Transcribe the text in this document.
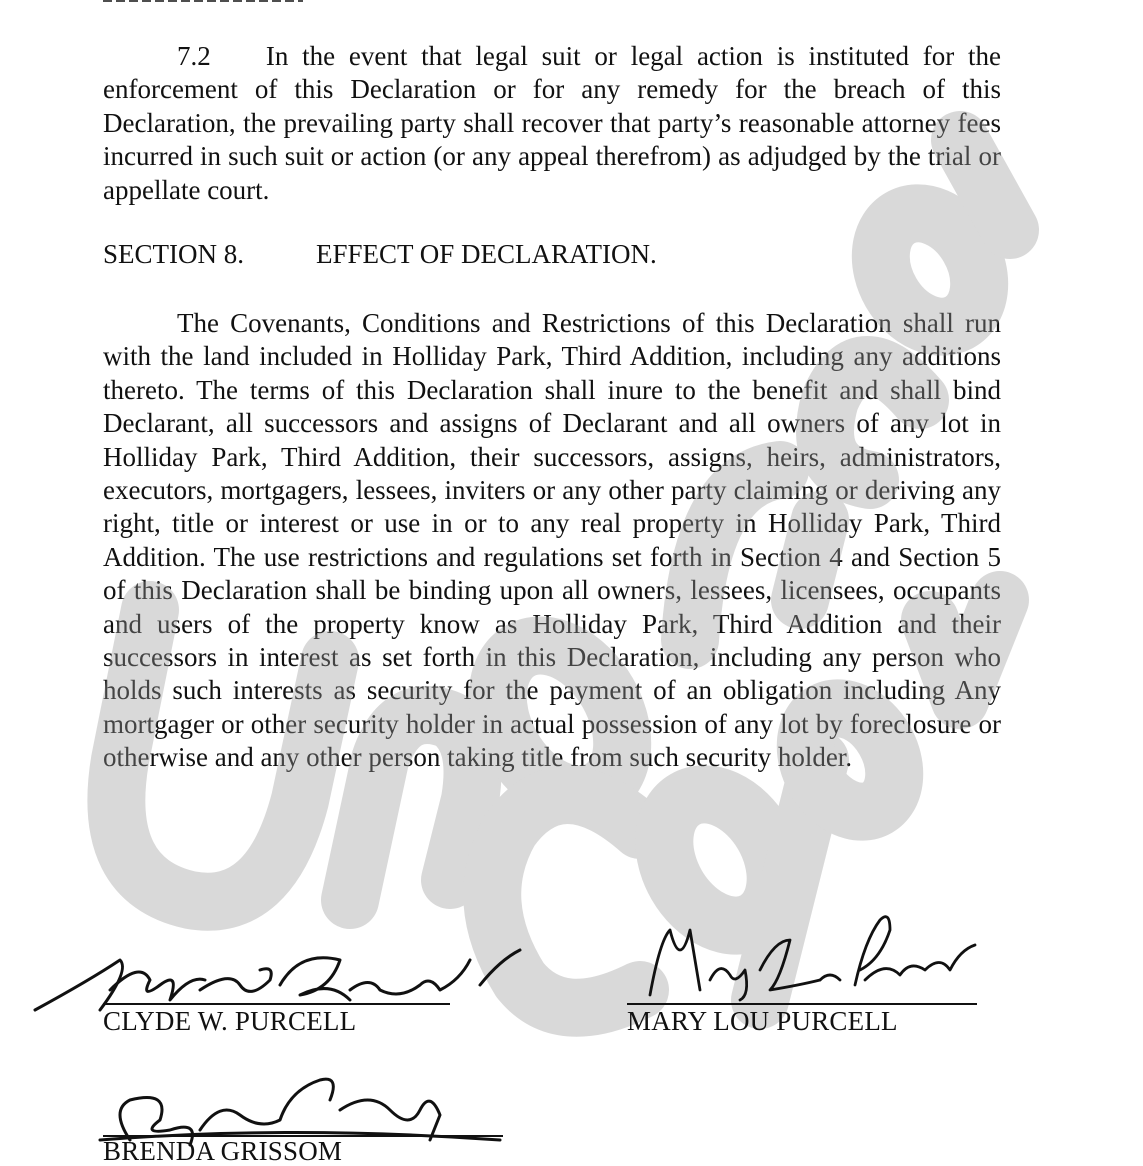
7.2 In the event that legal suit or legal action is instituted for the enforcement of this Declaration or for any remedy for the breach of this Declaration, the prevailing party shall recover that party’s reasonable attorney fees incurred in such suit or action (or any appeal therefrom) as adjudged by the trial or appellate court.

SECTION 8.	EFFECT OF DECLARATION.

The Covenants, Conditions and Restrictions of this Declaration shall run with the land included in Holliday Park, Third Addition, including any additions thereto. The terms of this Declaration shall inure to the benefit and shall bind Declarant, all successors and assigns of Declarant and all owners of any lot in Holliday Park, Third Addition, their successors, assigns, heirs, administrators, executors, mortgagers, lessees, inviters or any other party claiming or deriving any right, title or interest or use in or to any real property in Holliday Park, Third Addition. The use restrictions and regulations set forth in Section 4 and Section 5 of this Declaration shall be binding upon all owners, lessees, licensees, occupants and users of the property know as Holliday Park, Third Addition and their successors in interest as set forth in this Declaration, including any person who holds such interests as security for the payment of an obligation including Any mortgager or other security holder in actual possession of any lot by foreclosure or otherwise and any other person taking title from such security holder.

CLYDE W. PURCELL	MARY LOU PURCELL
BRENDA GRISSOM
